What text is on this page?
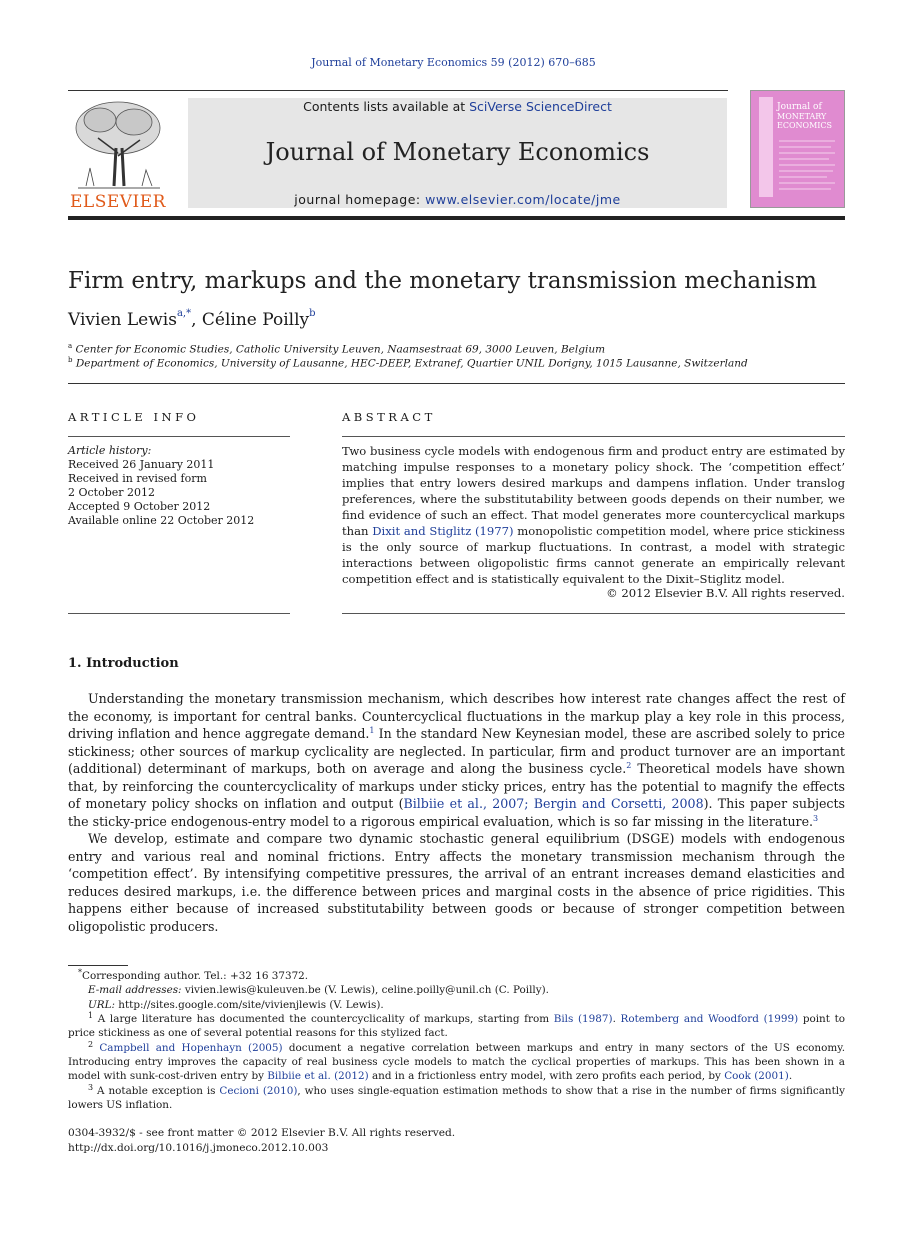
Journal of Monetary Economics 59 (2012) 670–685
ELSEVIER
Contents lists available at SciVerse ScienceDirect
Journal of Monetary Economics
journal homepage: www.elsevier.com/locate/jme
Journal of
MONETARY
ECONOMICS
Firm entry, markups and the monetary transmission mechanism
Vivien Lewis$^{a,*}$, Céline Poilly$^b$
$^a$ Center for Economic Studies, Catholic University Leuven, Naamsestraat 69, 3000 Leuven, Belgium
$^b$ Department of Economics, University of Lausanne, HEC-DEEP, Extranef, Quartier UNIL Dorigny, 1015 Lausanne, Switzerland
ARTICLE INFO	ABSTRACT
Article history:
Received 26 January 2011
Received in revised form
2 October 2012
Accepted 9 October 2012
Available online 22 October 2012
Two business cycle models with endogenous firm and product entry are estimated by matching impulse responses to a monetary policy shock. The ‘competition effect’ implies that entry lowers desired markups and dampens inflation. Under translog preferences, where the substitutability between goods depends on their number, we find evidence of such an effect. That model generates more countercyclical markups than Dixit and Stiglitz (1977) monopolistic competition model, where price stickiness is the only source of markup fluctuations. In contrast, a model with strategic interactions between oligopolistic firms cannot generate an empirically relevant competition effect and is statistically equivalent to the Dixit–Stiglitz model.
© 2012 Elsevier B.V. All rights reserved.
1. Introduction
Understanding the monetary transmission mechanism, which describes how interest rate changes affect the rest of the economy, is important for central banks. Countercyclical fluctuations in the markup play a key role in this process, driving inflation and hence aggregate demand.$^1$ In the standard New Keynesian model, these are ascribed solely to price stickiness; other sources of markup cyclicality are neglected. In particular, firm and product turnover are an important (additional) determinant of markups, both on average and along the business cycle.$^2$ Theoretical models have shown that, by reinforcing the countercyclicality of markups under sticky prices, entry has the potential to magnify the effects of monetary policy shocks on inflation and output (Bilbiie et al., 2007; Bergin and Corsetti, 2008). This paper subjects the sticky-price endogenous-entry model to a rigorous empirical evaluation, which is so far missing in the literature.$^3$
We develop, estimate and compare two dynamic stochastic general equilibrium (DSGE) models with endogenous entry and various real and nominal frictions. Entry affects the monetary transmission mechanism through the ‘competition effect’. By intensifying competitive pressures, the arrival of an entrant increases demand elasticities and reduces desired markups, i.e. the difference between prices and marginal costs in the absence of price rigidities. This happens either because of increased substitutability between goods or because of stronger competition between oligopolistic producers.
*Corresponding author. Tel.: +32 16 37372.
E-mail addresses: vivien.lewis@kuleuven.be (V. Lewis), celine.poilly@unil.ch (C. Poilly).
URL: http://sites.google.com/site/vivienjlewis (V. Lewis).
$^1$ A large literature has documented the countercyclicality of markups, starting from Bils (1987). Rotemberg and Woodford (1999) point to price stickiness as one of several potential reasons for this stylized fact.
$^2$ Campbell and Hopenhayn (2005) document a negative correlation between markups and entry in many sectors of the US economy. Introducing entry improves the capacity of real business cycle models to match the cyclical properties of markups. This has been shown in a model with sunk-cost-driven entry by Bilbiie et al. (2012) and in a frictionless entry model, with zero profits each period, by Cook (2001).
$^3$ A notable exception is Cecioni (2010), who uses single-equation estimation methods to show that a rise in the number of firms significantly lowers US inflation.
0304-3932/$ - see front matter © 2012 Elsevier B.V. All rights reserved.
http://dx.doi.org/10.1016/j.jmoneco.2012.10.003
